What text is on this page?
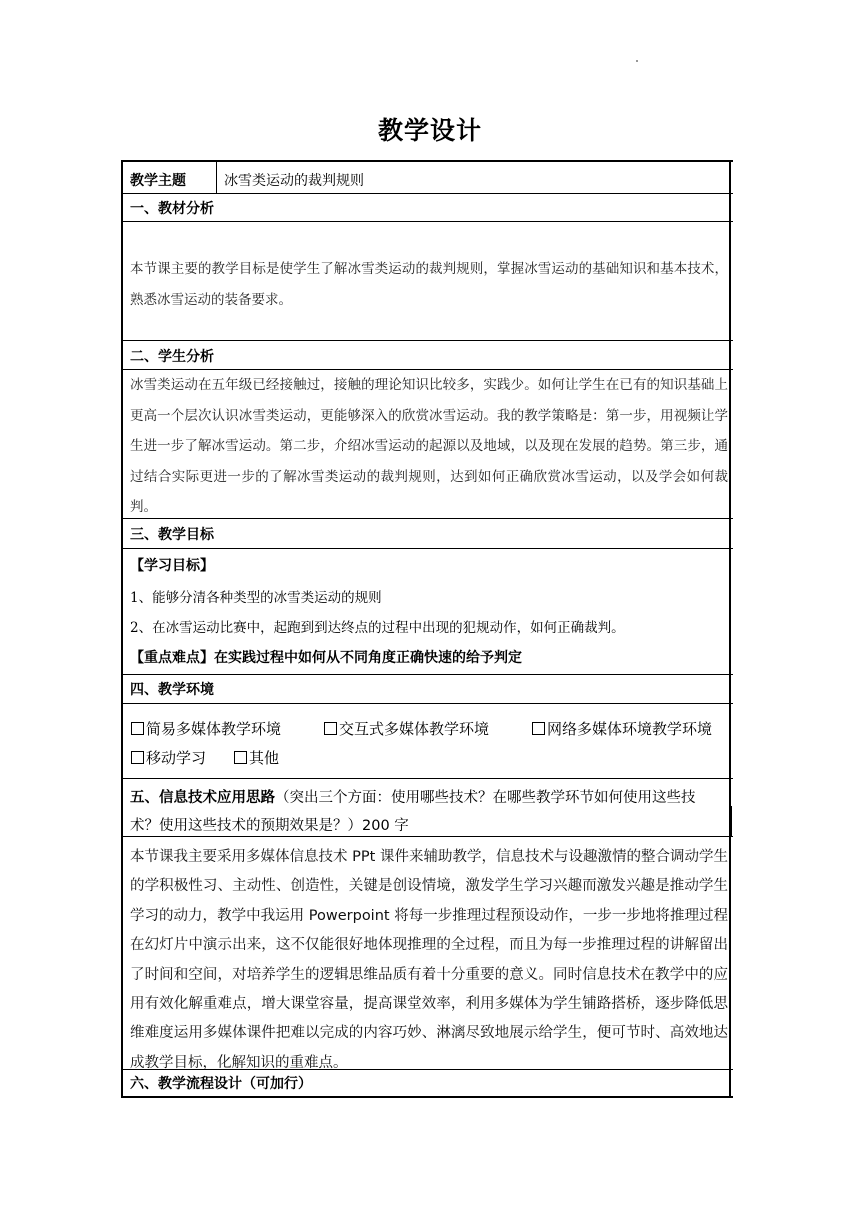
教学设计
教学主题	冰雪类运动的裁判规则
一、教材分析
本节课主要的教学目标是使学生了解冰雪类运动的裁判规则，掌握冰雪运动的基础知识和基本技术，熟悉冰雪运动的装备要求。
二、学生分析
冰雪类运动在五年级已经接触过，接触的理论知识比较多，实践少。如何让学生在已有的知识基础上更高一个层次认识冰雪类运动，更能够深入的欣赏冰雪运动。我的教学策略是：第一步，用视频让学生进一步了解冰雪运动。第二步，介绍冰雪运动的起源以及地域，以及现在发展的趋势。第三步，通过结合实际更进一步的了解冰雪类运动的裁判规则，达到如何正确欣赏冰雪运动，以及学会如何裁判。
三、教学目标
【学习目标】
1、能够分清各种类型的冰雪类运动的规则
2、在冰雪运动比赛中，起跑到到达终点的过程中出现的犯规动作，如何正确裁判。
【重点难点】在实践过程中如何从不同角度正确快速的给予判定
四、教学环境
简易多媒体教学环境	交互式多媒体教学环境	网络多媒体环境教学环境
移动学习	其他
五、信息技术应用思路（突出三个方面：使用哪些技术？在哪些教学环节如何使用这些技
术？使用这些技术的预期效果是？）200 字
本节课我主要采用多媒体信息技术 PPt 课件来辅助教学，信息技术与设趣激情的整合调动学生的学积极性习、主动性、创造性，关键是创设情境，激发学生学习兴趣而激发兴趣是推动学生学习的动力，教学中我运用 Powerpoint 将每一步推理过程预设动作，一步一步地将推理过程在幻灯片中演示出来，这不仅能很好地体现推理的全过程，而且为每一步推理过程的讲解留出了时间和空间，对培养学生的逻辑思维品质有着十分重要的意义。同时信息技术在教学中的应用有效化解重难点，增大课堂容量，提高课堂效率，利用多媒体为学生铺路搭桥，逐步降低思维难度运用多媒体课件把难以完成的内容巧妙、淋漓尽致地展示给学生，便可节时、高效地达成教学目标，化解知识的重难点。
六、教学流程设计（可加行）
